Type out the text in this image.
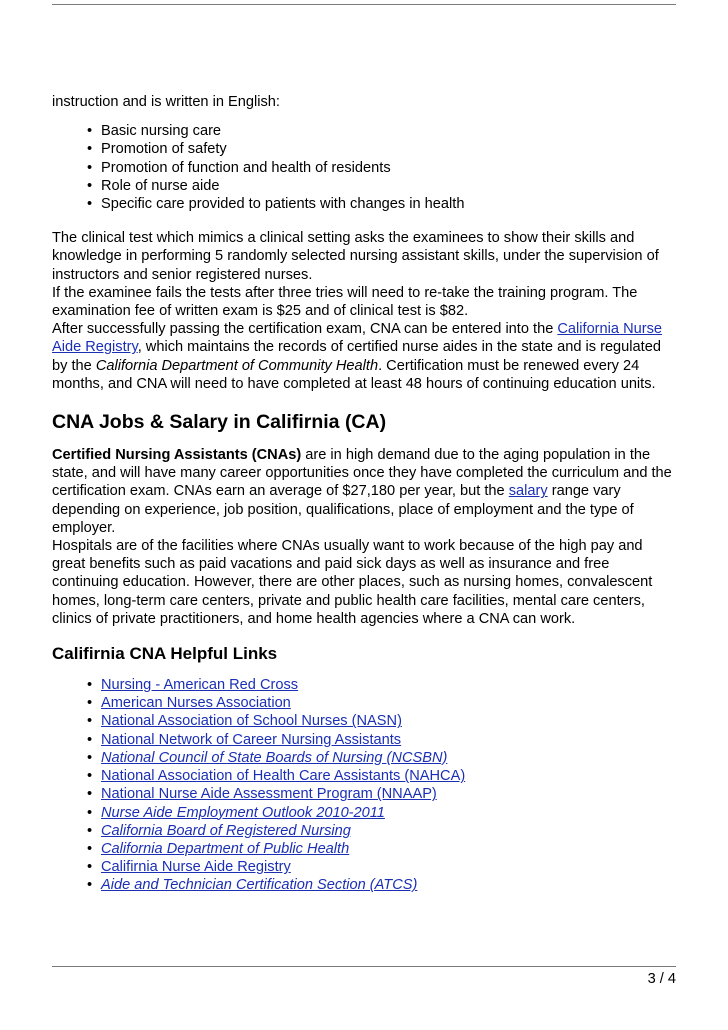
instruction and is written in English:

• Basic nursing care
• Promotion of safety
• Promotion of function and health of residents
• Role of nurse aide
• Specific care provided to patients with changes in health

The clinical test which mimics a clinical setting asks the examinees to show their skills and knowledge in performing 5 randomly selected nursing assistant skills, under the supervision of instructors and senior registered nurses.

If the examinee fails the tests after three tries will need to re-take the training program. The examination fee of written exam is $25 and of clinical test is $82.

After successfully passing the certification exam, CNA can be entered into the California Nurse Aide Registry, which maintains the records of certified nurse aides in the state and is regulated by the California Department of Community Health. Certification must be renewed every 24 months, and CNA will need to have completed at least 48 hours of continuing education units.

CNA Jobs & Salary in Califirnia (CA)

Certified Nursing Assistants (CNAs) are in high demand due to the aging population in the state, and will have many career opportunities once they have completed the curriculum and the certification exam. CNAs earn an average of $27,180 per year, but the salary range vary depending on experience, job position, qualifications, place of employment and the type of employer.

Hospitals are of the facilities where CNAs usually want to work because of the high pay and great benefits such as paid vacations and paid sick days as well as insurance and free continuing education. However, there are other places, such as nursing homes, convalescent homes, long-term care centers, private and public health care facilities, mental care centers, clinics of private practitioners, and home health agencies where a CNA can work.

Califirnia CNA Helpful Links
• Nursing - American Red Cross
• American Nurses Association
• National Association of School Nurses (NASN)
• National Network of Career Nursing Assistants
• National Council of State Boards of Nursing (NCSBN)
• National Association of Health Care Assistants (NAHCA)
• National Nurse Aide Assessment Program (NNAAP)
• Nurse Aide Employment Outlook 2010-2011
• California Board of Registered Nursing
• California Department of Public Health
• Califirnia Nurse Aide Registry
• Aide and Technician Certification Section (ATCS)
3 / 4
